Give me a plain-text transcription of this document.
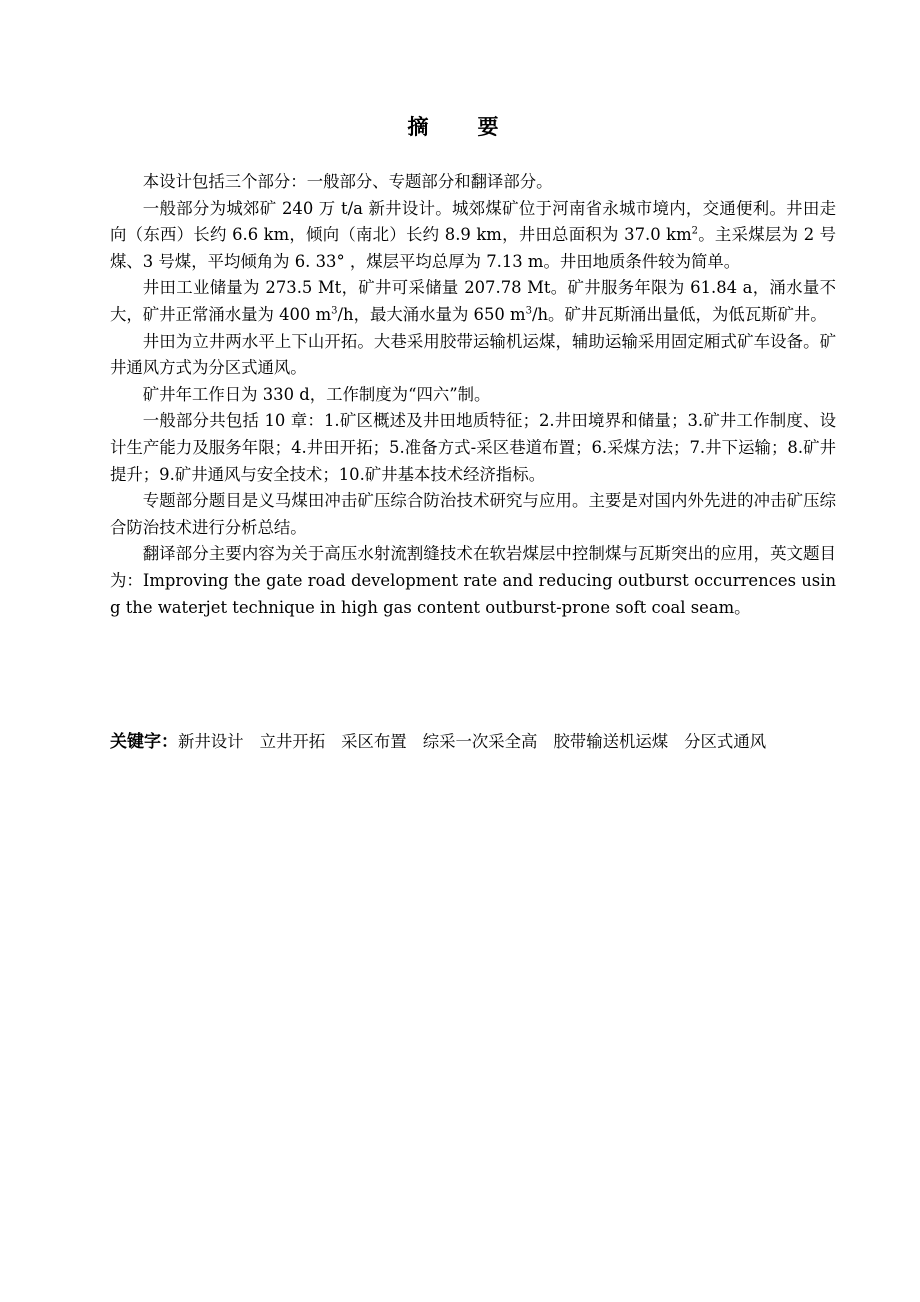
摘　要

本设计包括三个部分：一般部分、专题部分和翻译部分。

一般部分为城郊矿 240 万 t/a 新井设计。城郊煤矿位于河南省永城市境内，交通便利。井田走向（东西）长约 6.6 km，倾向（南北）长约 8.9 km，井田总面积为 37.0 $km^2$。主采煤层为 2 号煤、3 号煤，平均倾角为 6. 33° ，煤层平均总厚为 7.13 m。井田地质条件较为简单。

井田工业储量为 273.5 Mt，矿井可采储量 207.78 Mt。矿井服务年限为 61.84 a，涌水量不大，矿井正常涌水量为 400 $m^3/h$，最大涌水量为 650 $m^3/h$。矿井瓦斯涌出量低，为低瓦斯矿井。

井田为立井两水平上下山开拓。大巷采用胶带运输机运煤，辅助运输采用固定厢式矿车设备。矿井通风方式为分区式通风。

矿井年工作日为 330 d，工作制度为“四六”制。

一般部分共包括 10 章：1.矿区概述及井田地质特征；2.井田境界和储量；3.矿井工作制度、设计生产能力及服务年限；4.井田开拓；5.准备方式-采区巷道布置；6.采煤方法；7.井下运输；8.矿井提升；9.矿井通风与安全技术；10.矿井基本技术经济指标。

专题部分题目是义马煤田冲击矿压综合防治技术研究与应用。主要是对国内外先进的冲击矿压综合防治技术进行分析总结。

翻译部分主要内容为关于高压水射流割缝技术在软岩煤层中控制煤与瓦斯突出的应用，英文题目为：Improving the gate road development rate and reducing outburst occurrences using the waterjet technique in high gas content outburst-prone soft coal seam。

关键字：新井设计 立井开拓 采区布置 综采一次采全高 胶带输送机运煤 分区式通风
